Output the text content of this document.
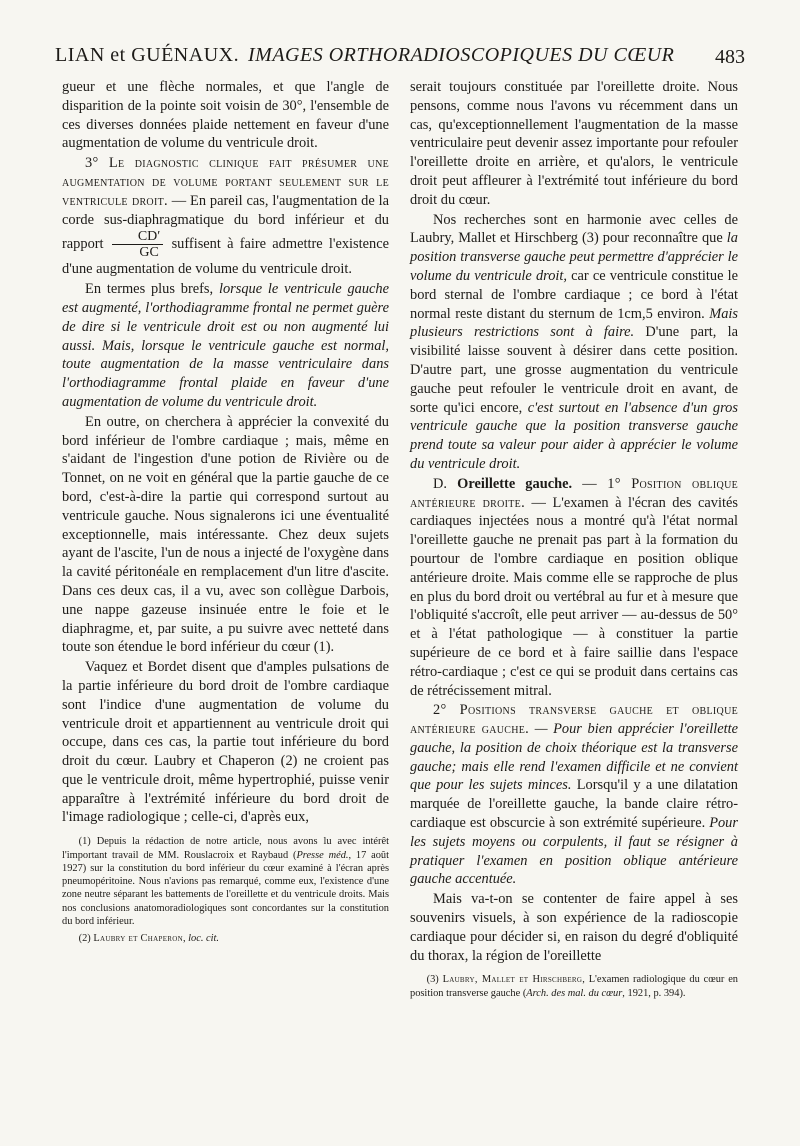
LIAN et GUÉNAUX. IMAGES ORTHORADIOSCOPIQUES DU CŒUR 483

gueur et une flèche normales, et que l'angle de disparition de la pointe soit voisin de 30°, l'ensemble de ces diverses données plaide nettement en faveur d'une augmentation de volume du ventricule droit.

3° Le diagnostic clinique fait présumer une augmentation de volume portant seulement sur le ventricule droit. — En pareil cas, l'augmentation de la corde sus-diaphragmatique du bord inférieur et du rapport $\frac{CD'}{GC}$ suffisent à faire admettre l'existence d'une augmentation de volume du ventricule droit.

En termes plus brefs, lorsque le ventricule gauche est augmenté, l'orthodiagramme frontal ne permet guère de dire si le ventricule droit est ou non augmenté lui aussi. Mais, lorsque le ventricule gauche est normal, toute augmentation de la masse ventriculaire dans l'orthodiagramme frontal plaide en faveur d'une augmentation de volume du ventricule droit.

En outre, on cherchera à apprécier la convexité du bord inférieur de l'ombre cardiaque ; mais, même en s'aidant de l'ingestion d'une potion de Rivière ou de Tonnet, on ne voit en général que la partie gauche de ce bord, c'est-à-dire la partie qui correspond surtout au ventricule gauche. Nous signalerons ici une éventualité exceptionnelle, mais intéressante. Chez deux sujets ayant de l'ascite, l'un de nous a injecté de l'oxygène dans la cavité péritonéale en remplacement d'un litre d'ascite. Dans ces deux cas, il a vu, avec son collègue Darbois, une nappe gazeuse insinuée entre le foie et le diaphragme, et, par suite, a pu suivre avec netteté dans toute son étendue le bord inférieur du cœur (1).

Vaquez et Bordet disent que d'amples pulsations de la partie inférieure du bord droit de l'ombre cardiaque sont l'indice d'une augmentation de volume du ventricule droit et appartiennent au ventricule droit qui occupe, dans ces cas, la partie tout inférieure du bord droit du cœur. Laubry et Chaperon (2) ne croient pas que le ventricule droit, même hypertrophié, puisse venir apparaître à l'extrémité inférieure du bord droit de l'image radiologique ; celle-ci, d'après eux,

(1) Depuis la rédaction de notre article, nous avons lu avec intérêt l'important travail de MM. Rouslacroix et Raybaud (Presse méd., 17 août 1927) sur la constitution du bord inférieur du cœur examiné à l'écran après pneumopéritoine. Nous n'avions pas remarqué, comme eux, l'existence d'une zone neutre séparant les battements de l'oreillette et du ventricule droits. Mais nos conclusions anatomoradiologiques sont concordantes sur la constitution du bord inférieur.

(2) Laubry et Chaperon, loc. cit.

serait toujours constituée par l'oreillette droite. Nous pensons, comme nous l'avons vu récemment dans un cas, qu'exceptionnellement l'augmentation de la masse ventriculaire peut devenir assez importante pour refouler l'oreillette droite en arrière, et qu'alors, le ventricule droit peut affleurer à l'extrémité tout inférieure du bord droit du cœur.

Nos recherches sont en harmonie avec celles de Laubry, Mallet et Hirschberg (3) pour reconnaître que la position transverse gauche peut permettre d'apprécier le volume du ventricule droit, car ce ventricule constitue le bord sternal de l'ombre cardiaque ; ce bord à l'état normal reste distant du sternum de 1cm,5 environ. Mais plusieurs restrictions sont à faire. D'une part, la visibilité laisse souvent à désirer dans cette position. D'autre part, une grosse augmentation du ventricule gauche peut refouler le ventricule droit en avant, de sorte qu'ici encore, c'est surtout en l'absence d'un gros ventricule gauche que la position transverse gauche prend toute sa valeur pour aider à apprécier le volume du ventricule droit.

D. Oreillette gauche. — 1° Position oblique antérieure droite. — L'examen à l'écran des cavités cardiaques injectées nous a montré qu'à l'état normal l'oreillette gauche ne prenait pas part à la formation du pourtour de l'ombre cardiaque en position oblique antérieure droite. Mais comme elle se rapproche de plus en plus du bord droit ou vertébral au fur et à mesure que l'obliquité s'accroît, elle peut arriver — au-dessus de 50° et à l'état pathologique — à constituer la partie supérieure de ce bord et à faire saillie dans l'espace rétro-cardiaque ; c'est ce qui se produit dans certains cas de rétrécissement mitral.

2° Positions transverse gauche et oblique antérieure gauche. — Pour bien apprécier l'oreillette gauche, la position de choix théorique est la transverse gauche; mais elle rend l'examen difficile et ne convient que pour les sujets minces. Lorsqu'il y a une dilatation marquée de l'oreillette gauche, la bande claire rétro-cardiaque est obscurcie à son extrémité supérieure. Pour les sujets moyens ou corpulents, il faut se résigner à pratiquer l'examen en position oblique antérieure gauche accentuée.

Mais va-t-on se contenter de faire appel à ses souvenirs visuels, à son expérience de la radioscopie cardiaque pour décider si, en raison du degré d'obliquité du thorax, la région de l'oreillette

(3) Laubry, Mallet et Hirschberg, L'examen radiologique du cœur en position transverse gauche (Arch. des mal. du cœur, 1921, p. 394).
